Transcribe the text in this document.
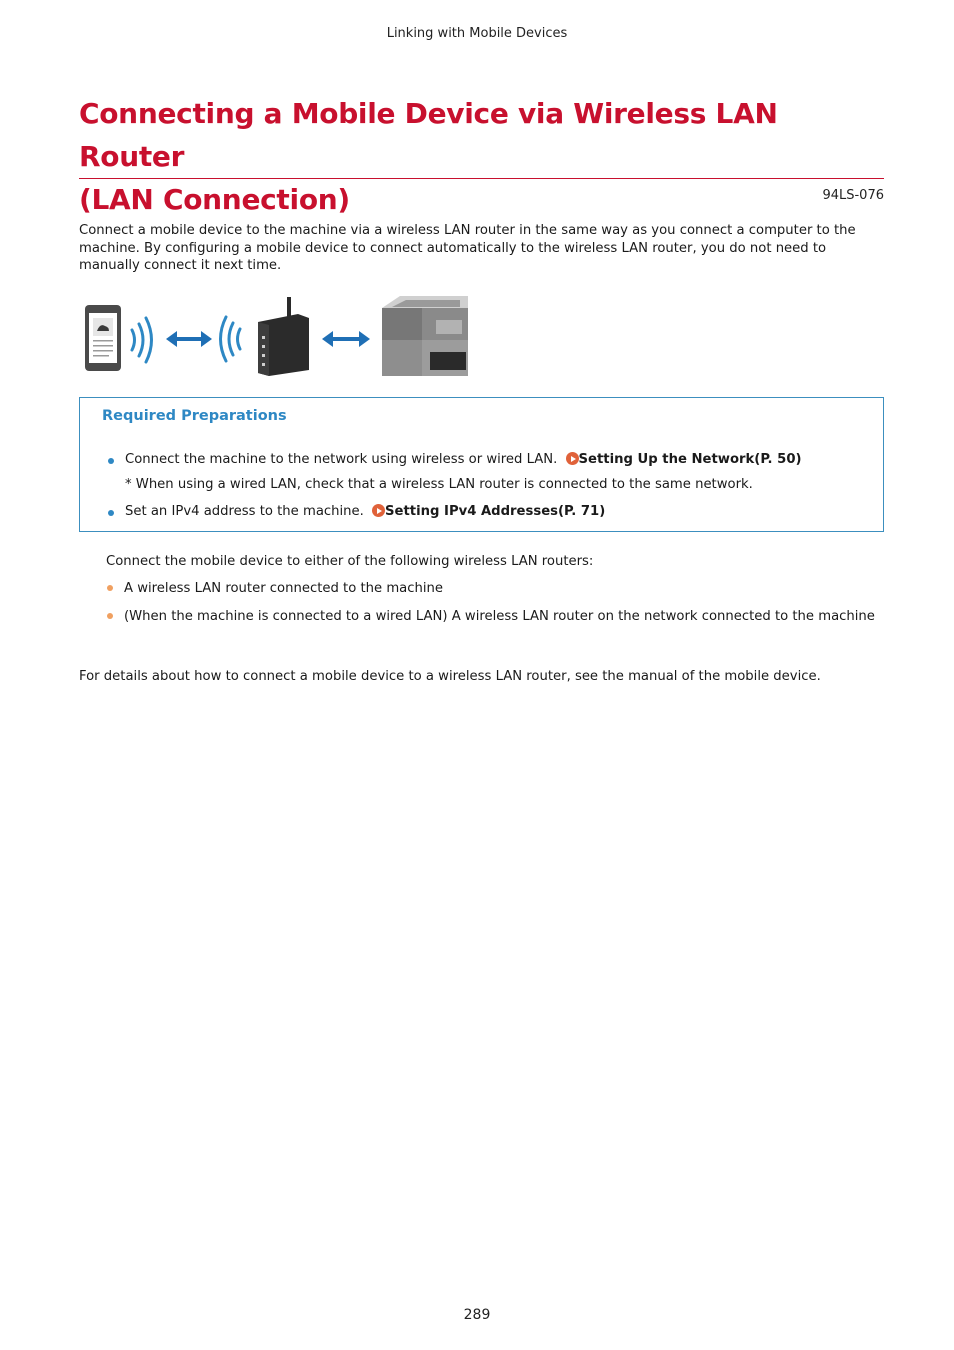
Linking with Mobile Devices
Connecting a Mobile Device via Wireless LAN Router
(LAN Connection)	94LS-076

Connect a mobile device to the machine via a wireless LAN router in the same way as you connect a computer to the machine. By configuring a mobile device to connect automatically to the wireless LAN router, you do not need to manually connect it next time.

Required Preparations
Connect the machine to the network using wireless or wired LAN. Setting Up the Network(P. 50)
* When using a wired LAN, check that a wireless LAN router is connected to the same network.
Set an IPv4 address to the machine. Setting IPv4 Addresses(P. 71)
Connect the mobile device to either of the following wireless LAN routers:
A wireless LAN router connected to the machine
(When the machine is connected to a wired LAN) A wireless LAN router on the network connected to the machine
For details about how to connect a mobile device to a wireless LAN router, see the manual of the mobile device.
289
